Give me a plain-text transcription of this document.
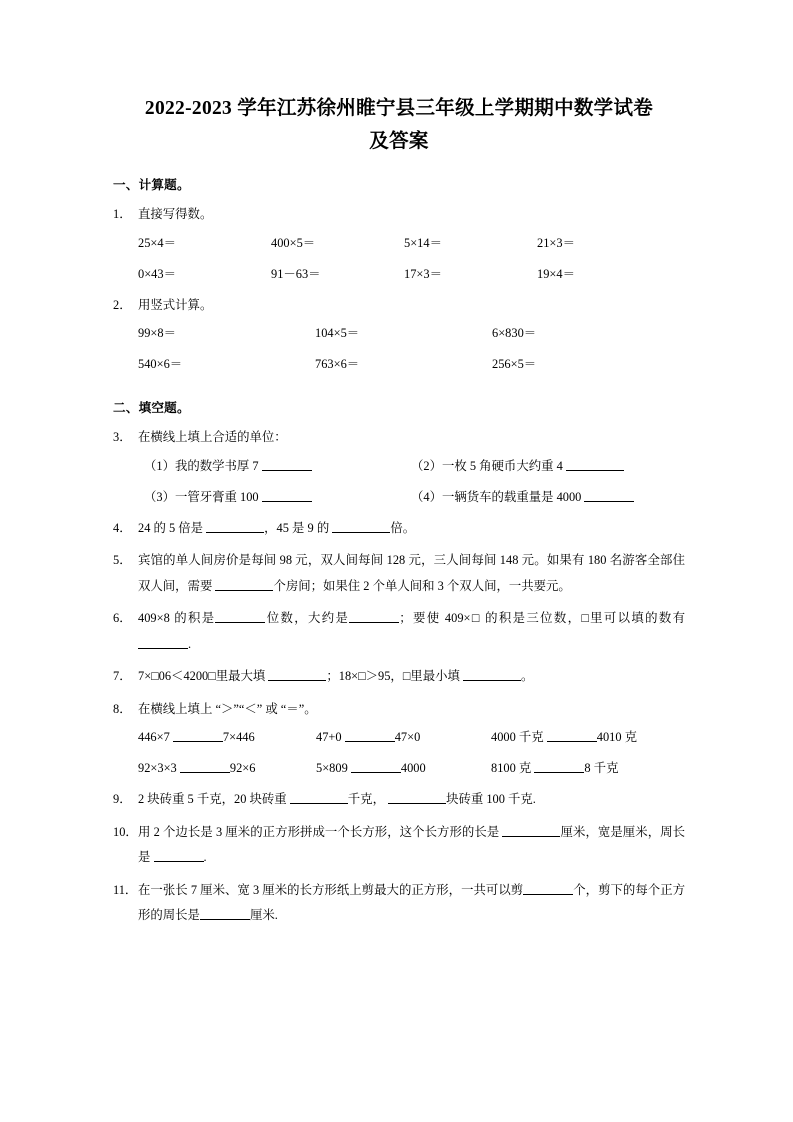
2022-2023 学年江苏徐州睢宁县三年级上学期期中数学试卷
及答案
一、计算题。
1． 直接写得数。
25×4＝	400×5＝	5×14＝	21×3＝
0×43＝	91－63＝	17×3＝	19×4＝
2． 用竖式计算。
99×8＝	104×5＝	6×830＝
540×6＝	763×6＝	256×5＝
二、填空题。
3． 在横线上填上合适的单位：
（1）我的数学书厚 7	（2）一枚 5 角硬币大约重 4
（3）一管牙膏重 100	（4）一辆货车的载重量是 4000
4． 24 的 5 倍是	，45 是 9 的	倍。
5． 宾馆的单人间房价是每间 98 元，双人间每间 128 元，三人间每间 148 元。如果有 180 名游客全部住双人间，需要	个房间；如果住 2 个单人间和 3 个双人间，一共要元。
6． 409×8 的积是	位数，大约是	；要使 409×□ 的积是三位数，□里可以填的数有.
7． 7×□06＜4200□里最大填	；18×□＞95，□里最小填	。
8． 在横线上填上 “＞”“＜” 或 “＝”。
446×7	7×446	47+0	47×0	4000 千克	4010 克
92×3×3	92×6	5×809	4000	8100 克	8 千克
9． 2 块砖重 5 千克，20 块砖重	千克，	块砖重 100 千克.
10． 用 2 个边长是 3 厘米的正方形拼成一个长方形，这个长方形的长是	厘米，宽是厘米，周长是	.
11． 在一张长 7 厘米、宽 3 厘米的长方形纸上剪最大的正方形，一共可以剪	个，剪下的每个正方形的周长是	厘米.
